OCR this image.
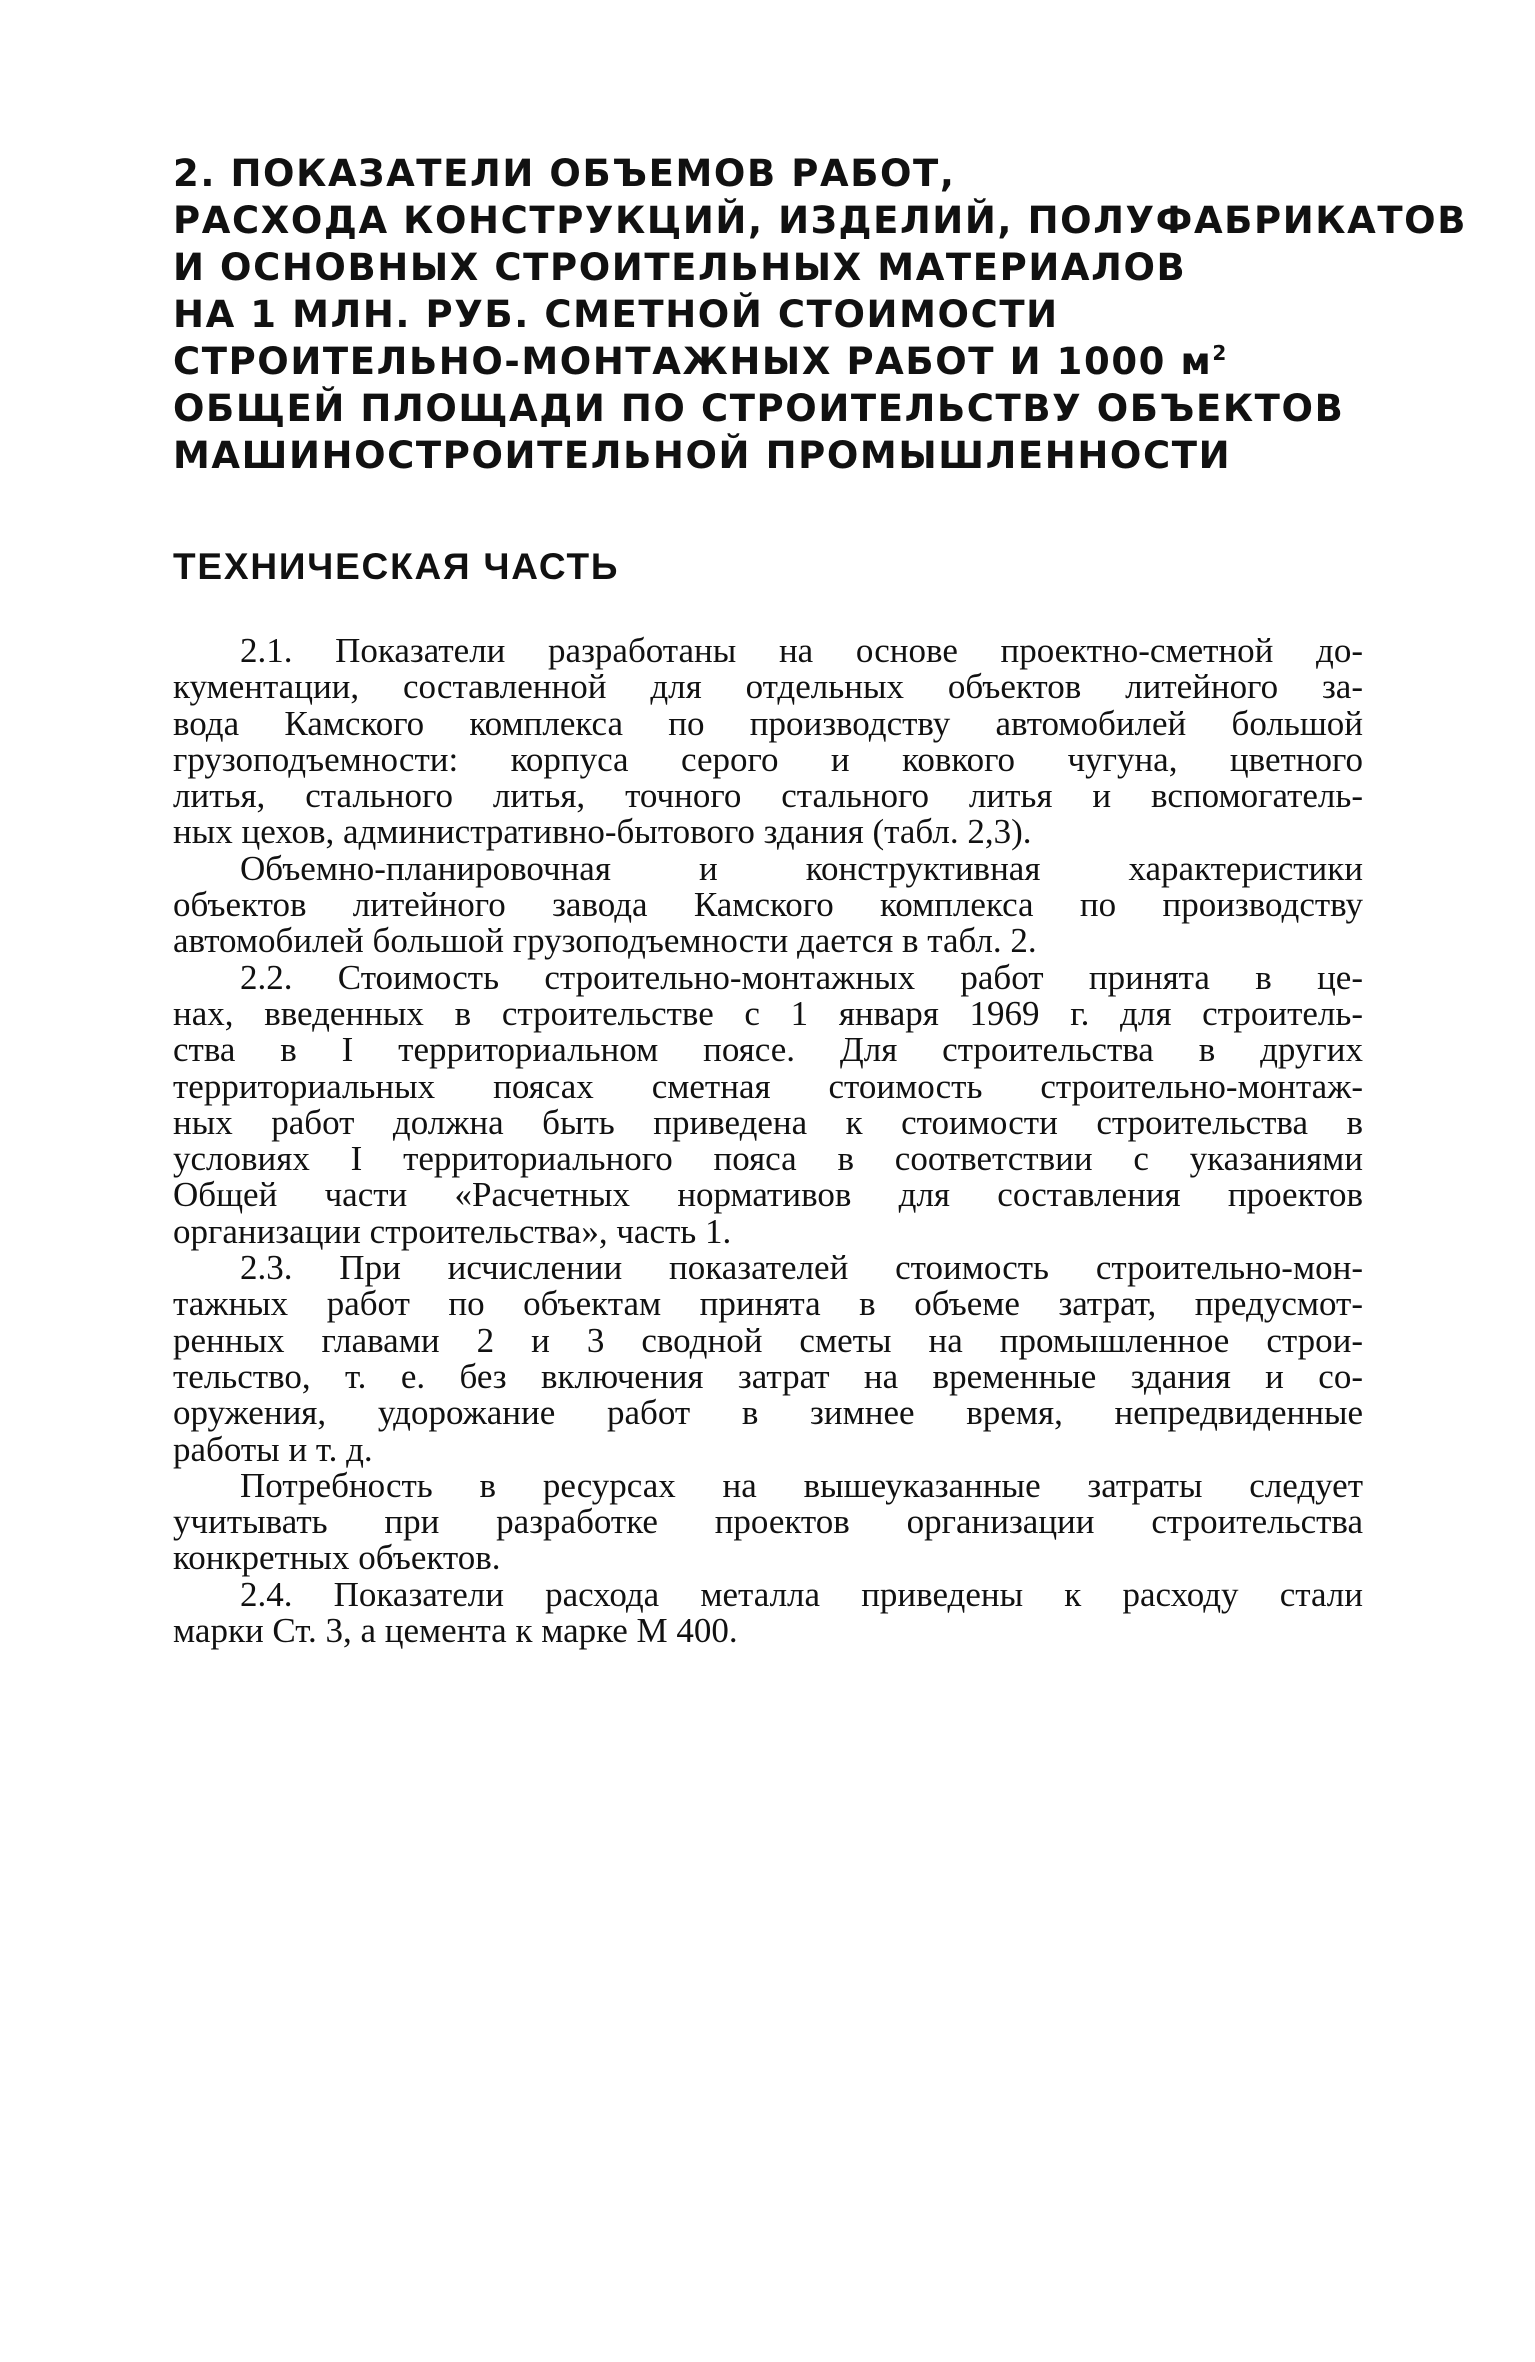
2. ПОКАЗАТЕЛИ ОБЪЕМОВ РАБОТ,
РАСХОДА КОНСТРУКЦИЙ, ИЗДЕЛИЙ, ПОЛУФАБРИКАТОВ
И ОСНОВНЫХ СТРОИТЕЛЬНЫХ МАТЕРИАЛОВ
НА 1 МЛН. РУБ. СМЕТНОЙ СТОИМОСТИ
СТРОИТЕЛЬНО-МОНТАЖНЫХ РАБОТ И 1000 $м^2$
ОБЩЕЙ ПЛОЩАДИ ПО СТРОИТЕЛЬСТВУ ОБЪЕКТОВ
МАШИНОСТРОИТЕЛЬНОЙ ПРОМЫШЛЕННОСТИ
ТЕХНИЧЕСКАЯ ЧАСТЬ
2.1. Показатели разработаны на основе проектно-сметной до-
кументации, составленной для отдельных объектов литейного за-
вода Камского комплекса по производству автомобилей большой
грузоподъемности: корпуса серого и ковкого чугуна, цветного
литья, стального литья, точного стального литья и вспомогатель-
ных цехов, административно-бытового здания (табл. 2,3).
Объемно-планировочная и конструктивная характеристики
объектов литейного завода Камского комплекса по производству
автомобилей большой грузоподъемности дается в табл. 2.
2.2. Стоимость строительно-монтажных работ принята в це-
нах, введенных в строительстве с 1 января 1969 г. для строитель-
ства в I территориальном поясе. Для строительства в других
территориальных поясах сметная стоимость строительно-монтаж-
ных работ должна быть приведена к стоимости строительства в
условиях I территориального пояса в соответствии с указаниями
Общей части «Расчетных нормативов для составления проектов
организации строительства», часть 1.
2.3. При исчислении показателей стоимость строительно-мон-
тажных работ по объектам принята в объеме затрат, предусмот-
ренных главами 2 и 3 сводной сметы на промышленное строи-
тельство, т. е. без включения затрат на временные здания и со-
оружения, удорожание работ в зимнее время, непредвиденные
работы и т. д.
Потребность в ресурсах на вышеуказанные затраты следует
учитывать при разработке проектов организации строительства
конкретных объектов.
2.4. Показатели расхода металла приведены к расходу стали
марки Ст. 3, а цемента к марке М 400.
